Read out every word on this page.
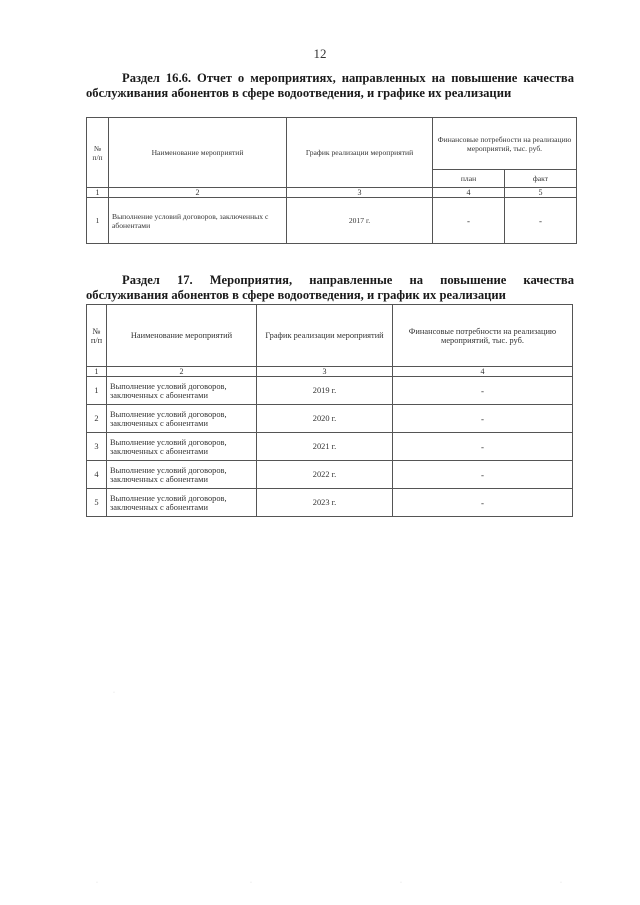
12
Раздел 16.6. Отчет о мероприятиях, направленных на повышение качества обслуживания абонентов в сфере водоотведения, и графике их реализации
№ п/п	Наименование мероприятий	График реализации мероприятий	Финансовые потребности на реализацию мероприятий, тыс. руб.	
			план	факт
1	2	3	4	5
1	Выполнение условий договоров, заключенных с абонентами	2017 г.	-	-
Раздел 17. Мероприятия, направленные на повышение качества обслуживания абонентов в сфере водоотведения, и график их реализации
№ п/п	Наименование мероприятий	График реализации мероприятий	Финансовые потребности на реализацию мероприятий, тыс. руб.
1	2	3	4
1	Выполнение условий договоров, заключенных с абонентами	2019 г.	-
2	Выполнение условий договоров, заключенных с абонентами	2020 г.	-
3	Выполнение условий договоров, заключенных с абонентами	2021 г.	-
4	Выполнение условий договоров, заключенных с абонентами	2022 г.	-
5	Выполнение условий договоров, заключенных с абонентами	2023 г.	-
·
·	·	·	·
